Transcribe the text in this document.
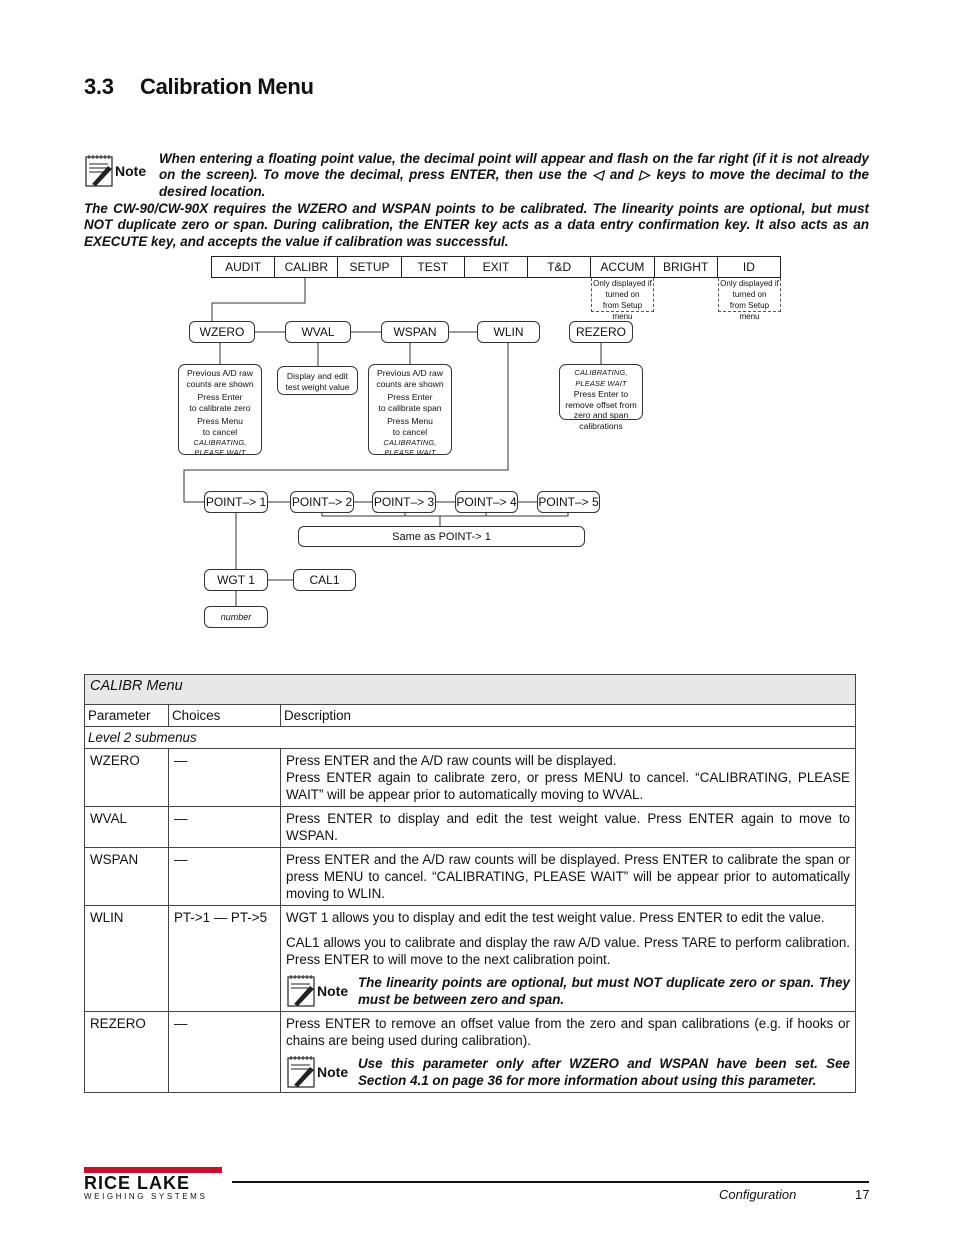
3.3 Calibration Menu
Note
When entering a floating point value, the decimal point will appear and flash on the far right (if it is not already on the screen). To move the decimal, press ENTER, then use the ◁ and ▷ keys to move the decimal to the desired location.
The CW-90/CW-90X requires the WZERO and WSPAN points to be calibrated. The linearity points are optional, but must NOT duplicate zero or span. During calibration, the ENTER key acts as a data entry confirmation key. It also acts as an EXECUTE key, and accepts the value if calibration was successful.
AUDIT	CALIBR	SETUP	TEST	EXIT	T&D	ACCUM	BRIGHT	ID
Only displayed if
turned on
from Setup menu
Only displayed if
turned on
from Setup menu
WZERO	WVAL	WSPAN	WLIN	REZERO
Previous A/D raw
counts are shown
Press Enter
to calibrate zero
Press Menu
to cancel
CALIBRATING, PLEASE WAIT
Display and edit
test weight value
Previous A/D raw
counts are shown
Press Enter
to calibrate span
Press Menu
to cancel
CALIBRATING, PLEASE WAIT
CALIBRATING, PLEASE WAIT
Press Enter to
remove offset from
zero and span
calibrations
POINT–> 1 POINT–> 2 POINT–> 3 POINT–> 4 POINT–> 5
Same as POINT-> 1
WGT 1	CAL1
number
CALIBR Menu		
Parameter	Choices	Description
Level 2 submenus		
WZERO	—	Press ENTER and the A/D raw counts will be displayed.
Press ENTER again to calibrate zero, or press MENU to cancel. “CALIBRATING, PLEASE WAIT” will be appear prior to automatically moving to WVAL.

WVAL	—	Press ENTER to display and edit the test weight value. Press ENTER again to move to WSPAN.
WSPAN	—	Press ENTER and the A/D raw counts will be displayed. Press ENTER to calibrate the span or press MENU to cancel. “CALIBRATING, PLEASE WAIT” will be appear prior to automatically moving to WLIN.
WLIN	PT->1 — PT->5	WGT 1 allows you to display and edit the test weight value. Press ENTER to edit the value.
CAL1 allows you to calibrate and display the raw A/D value. Press TARE to perform calibration. Press ENTER to will move to the next calibration point.
Note
The linearity points are optional, but must NOT duplicate zero or span. They must be between zero and span.

REZERO	—	Press ENTER to remove an offset value from the zero and span calibrations (e.g. if hooks or chains are being used during calibration).
Note
Use this parameter only after WZERO and WSPAN have been set. See Section 4.1 on page 36 for more information about using this parameter.
RICE LAKE
WEIGHING SYSTEMS	Configuration	17
